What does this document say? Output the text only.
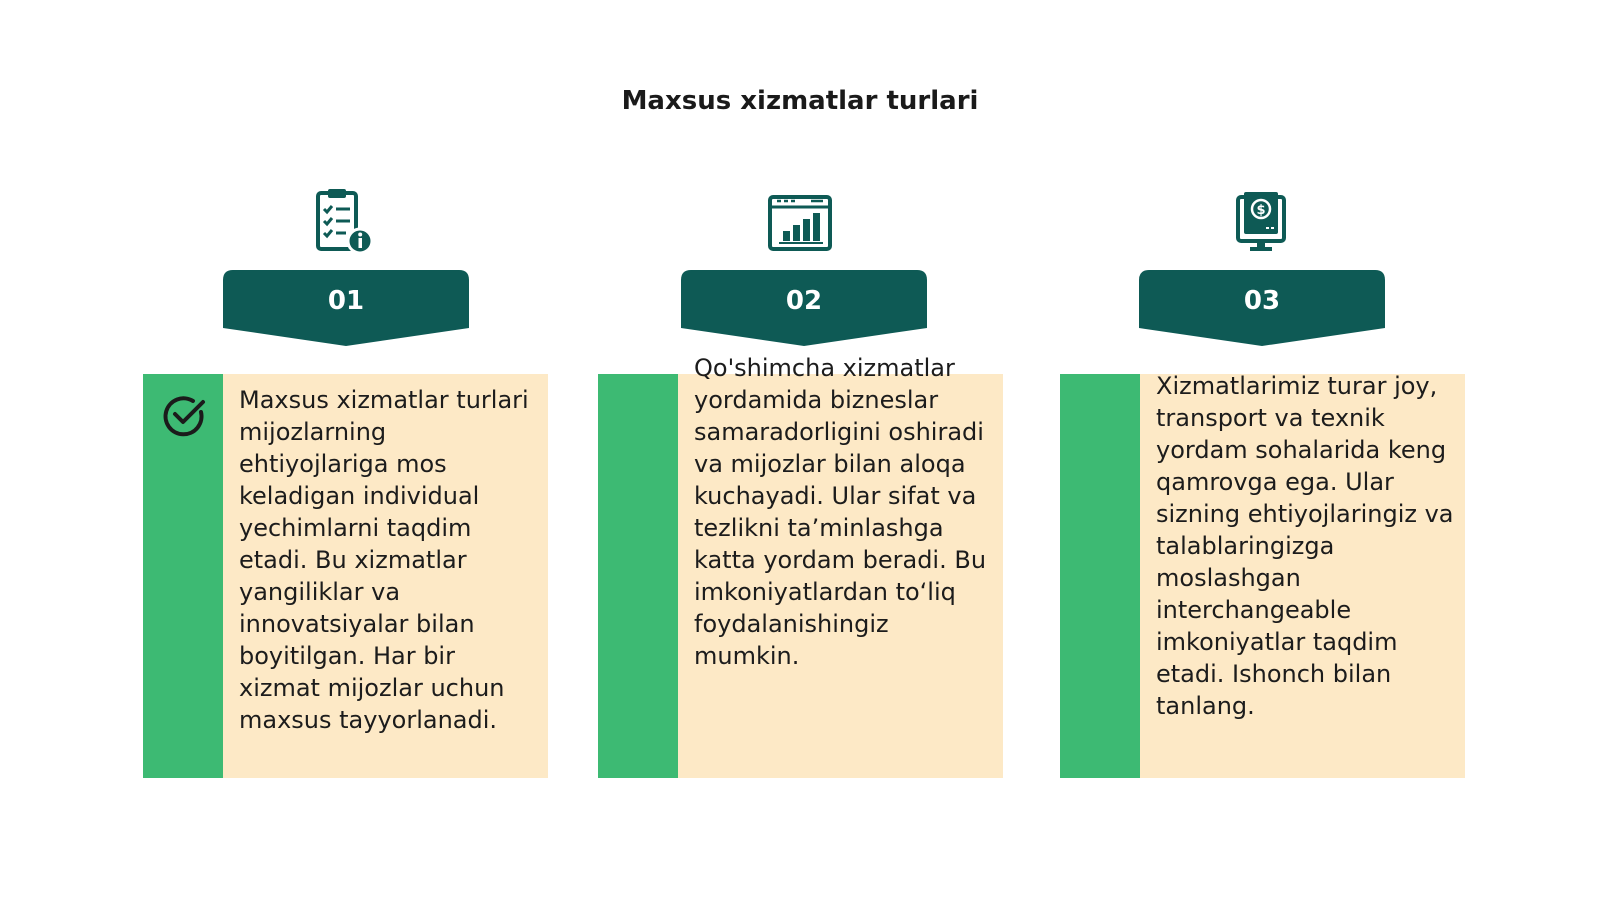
Maxsus xizmatlar turlari
01
Maxsus xizmatlar turlari mijozlarning ehtiyojlariga mos keladigan individual yechimlarni taqdim etadi. Bu xizmatlar yangiliklar va innovatsiyalar bilan boyitilgan. Har bir xizmat mijozlar uchun maxsus tayyorlanadi.
02
Qo'shimcha xizmatlar yordamida bizneslar samaradorligini oshiradi va mijozlar bilan aloqa kuchayadi. Ular sifat va tezlikni ta’minlashga katta yordam beradi. Bu imkoniyatlardan to‘liq foydalanishingiz mumkin.
$
03
Xizmatlarimiz turar joy, transport va texnik yordam sohalarida keng qamrovga ega. Ular sizning ehtiyojlaringiz va talablaringizga moslashgan interchangeable imkoniyatlar taqdim etadi. Ishonch bilan tanlang.
